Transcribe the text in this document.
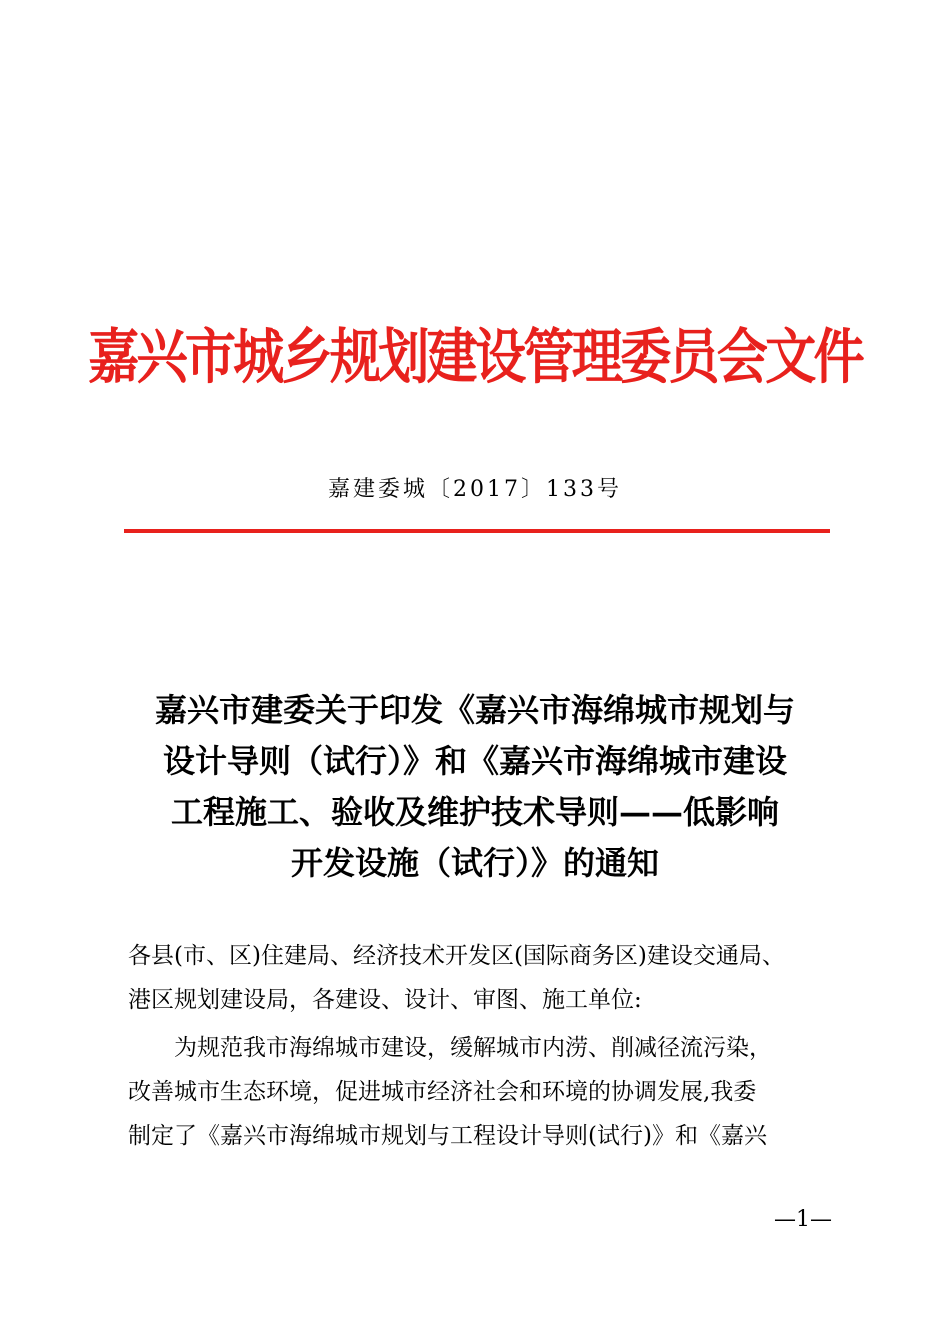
嘉兴市城乡规划建设管理委员会文件
嘉建委城〔2017〕133号
嘉兴市建委关于印发《嘉兴市海绵城市规划与
设计导则（试行）》和《嘉兴市海绵城市建设
工程施工、验收及维护技术导则——低影响
开发设施（试行）》的通知
各县(市、区)住建局、经济技术开发区(国际商务区)建设交通局、
港区规划建设局，各建设、设计、审图、施工单位:
为规范我市海绵城市建设，缓解城市内涝、削减径流污染，
改善城市生态环境，促进城市经济社会和环境的协调发展,我委
制定了《嘉兴市海绵城市规划与工程设计导则(试行)》和《嘉兴
—1—
